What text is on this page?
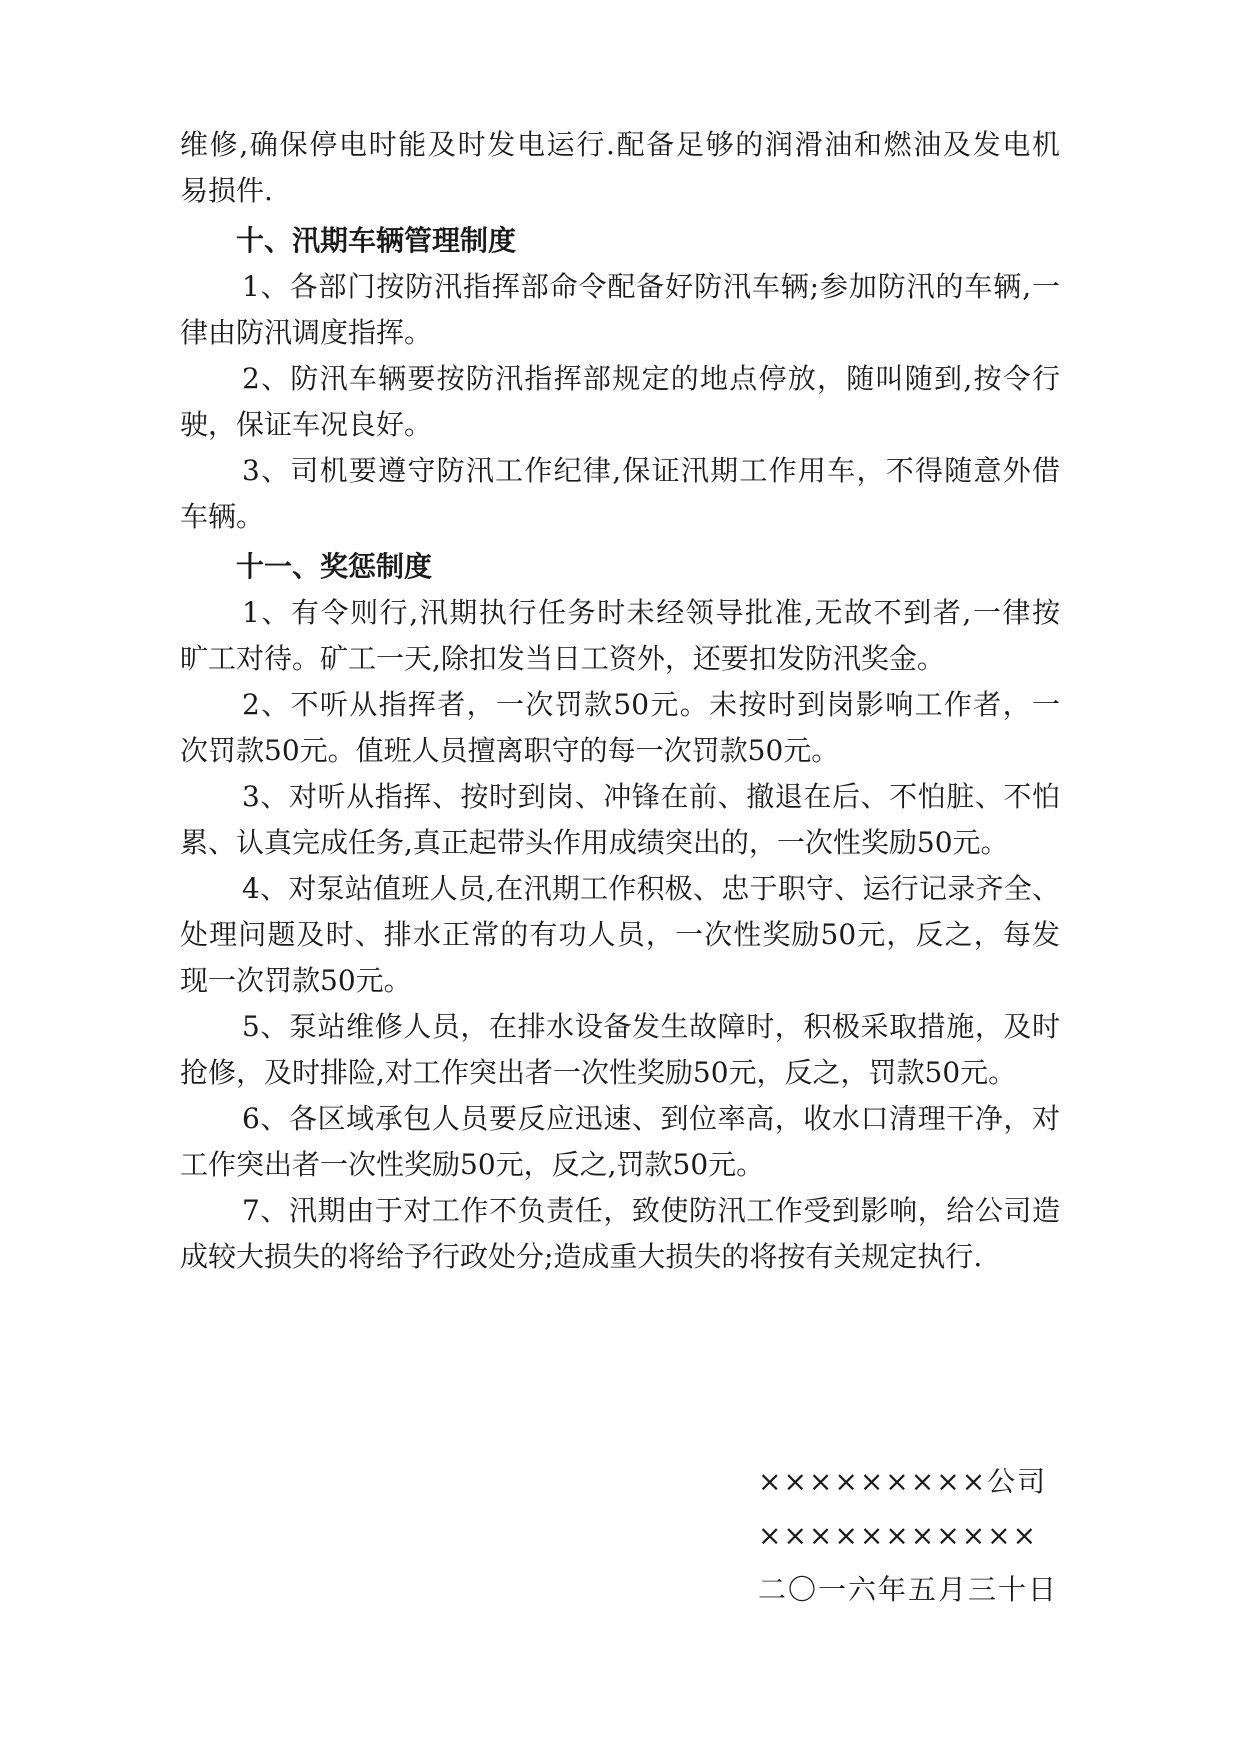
维修,确保停电时能及时发电运行.配备足够的润滑油和燃油及发电机
易损件.
十、汛期车辆管理制度
1、各部门按防汛指挥部命令配备好防汛车辆;参加防汛的车辆,一
律由防汛调度指挥。
2、防汛车辆要按防汛指挥部规定的地点停放，随叫随到,按令行
驶，保证车况良好。
3、司机要遵守防汛工作纪律,保证汛期工作用车，不得随意外借
车辆。
十一、奖惩制度
1、有令则行,汛期执行任务时未经领导批准,无故不到者,一律按
旷工对待。矿工一天,除扣发当日工资外，还要扣发防汛奖金。
2、不听从指挥者，一次罚款50元。未按时到岗影响工作者，一
次罚款50元。值班人员擅离职守的每一次罚款50元。
3、对听从指挥、按时到岗、冲锋在前、撤退在后、不怕脏、不怕
累、认真完成任务,真正起带头作用成绩突出的，一次性奖励50元。
4、对泵站值班人员,在汛期工作积极、忠于职守、运行记录齐全、
处理问题及时、排水正常的有功人员，一次性奖励50元，反之，每发
现一次罚款50元。
5、泵站维修人员，在排水设备发生故障时，积极采取措施，及时
抢修，及时排险,对工作突出者一次性奖励50元，反之，罚款50元。
6、各区域承包人员要反应迅速、到位率高，收水口清理干净，对
工作突出者一次性奖励50元，反之,罚款50元。
7、汛期由于对工作不负责任，致使防汛工作受到影响，给公司造
成较大损失的将给予行政处分;造成重大损失的将按有关规定执行.
×××××××××公司
×××××××××××
二〇一六年五月三十日
